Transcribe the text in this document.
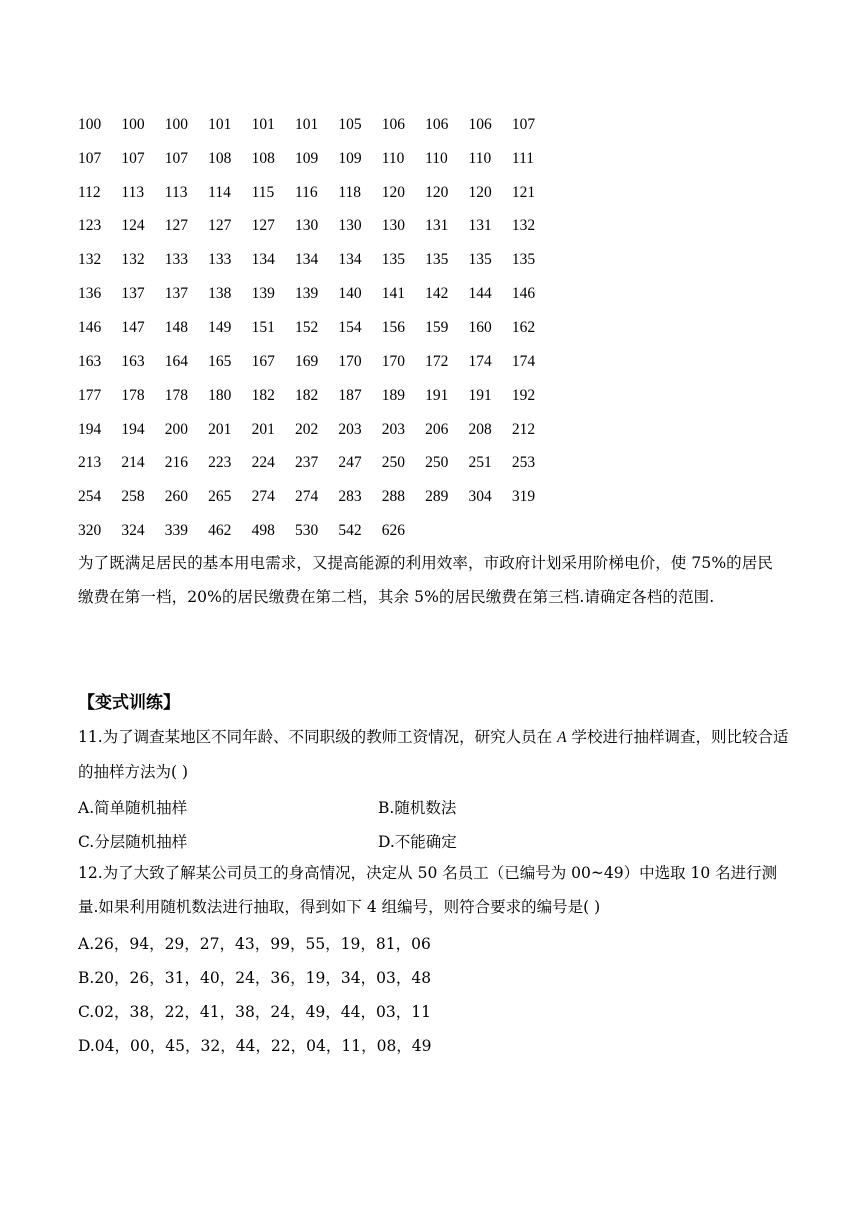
100	100	100	101	101	101	105	106	106	106	107
107	107	107	108	108	109	109	110	110	110	111
112	113	113	114	115	116	118	120	120	120	121
123	124	127	127	127	130	130	130	131	131	132
132	132	133	133	134	134	134	135	135	135	135
136	137	137	138	139	139	140	141	142	144	146
146	147	148	149	151	152	154	156	159	160	162
163	163	164	165	167	169	170	170	172	174	174
177	178	178	180	182	182	187	189	191	191	192
194	194	200	201	201	202	203	203	206	208	212
213	214	216	223	224	237	247	250	250	251	253
254	258	260	265	274	274	283	288	289	304	319
320	324	339	462	498	530	542	626			
为了既满足居民的基本用电需求，又提高能源的利用效率，市政府计划采用阶梯电价，使 75%的居民缴费在第一档，20%的居民缴费在第二档，其余 5%的居民缴费在第三档.请确定各档的范围.
【变式训练】
11.为了调查某地区不同年龄、不同职级的教师工资情况，研究人员在 A 学校进行抽样调查，则比较合适的抽样方法为( )
A.简单随机抽样	B.随机数法
C.分层随机抽样	D.不能确定
12.为了大致了解某公司员工的身高情况，决定从 50 名员工（已编号为 00~49）中选取 10 名进行测量.如果利用随机数法进行抽取，得到如下 4 组编号，则符合要求的编号是( )
A.26，94，29，27，43，99，55，19，81，06
B.20，26，31，40，24，36，19，34，03，48
C.02，38，22，41，38，24，49，44，03，11
D.04，00，45，32，44，22，04，11，08，49
